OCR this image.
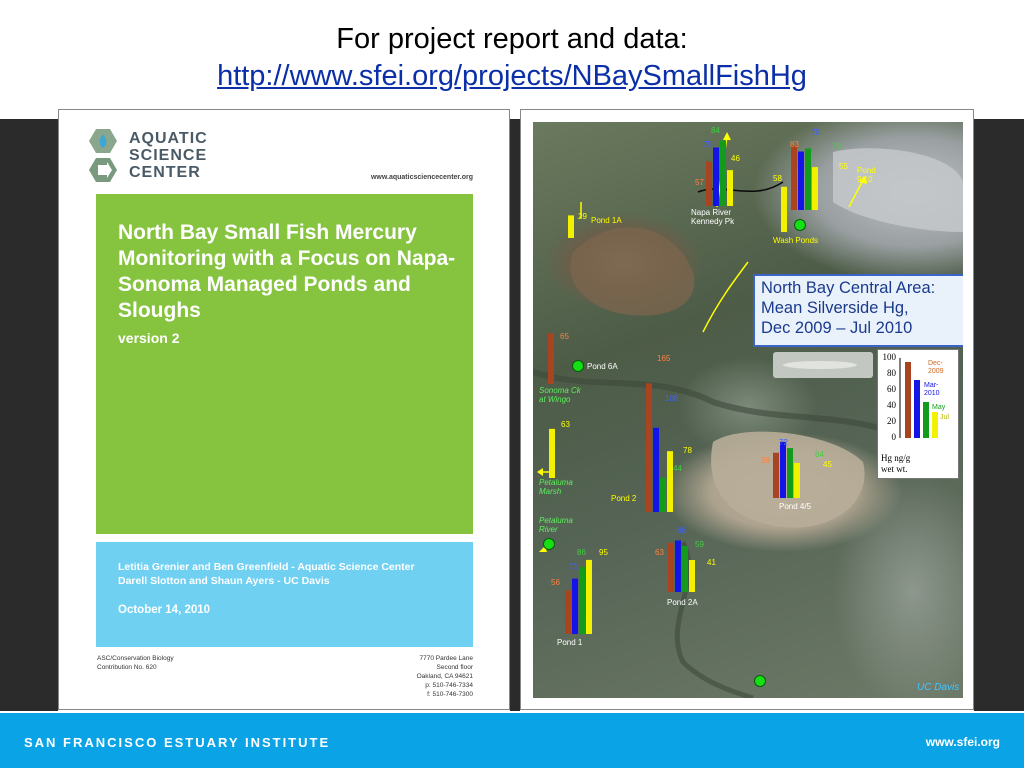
For project report and data:
http://www.sfei.org/projects/NBaySmallFishHg
AQUATIC
SCIENCE
CENTER	www.aquaticsciencecenter.org
North Bay Small Fish Mercury Monitoring with a Focus on Napa-Sonoma Managed Ponds and Sloughs
version 2
Letitia Grenier and Ben Greenfield - Aquatic Science Center
Darell Slotton and Shaun Ayers - UC Davis
October 14, 2010
ASC/Conservation Biology
Contribution No. 620
7770 Pardee Lane
Second floor
Oakland, CA 94621
p: 510-746-7334
f: 510-746-7300
57
75
84
46
83
75
79
55
58
29
65
165
108
44
78
63
58
72
64
45
56
71
86 95	63
66
59
41
Napa River
Kennedy Pk
Pond
9/10
Wash Ponds
Pond 1A
Pond 6A
Pond 2
Pond 4/5
Pond 1
Pond 2A
Sonoma Ck
at Wingo
Petaluma
Marsh
Petaluma
River
North Bay Central Area:
Mean Silverside Hg,
Dec 2009 – Jul 2010
100
80
60
40
20
0
Dec-
2009
Mar-
2010
May
Jul
Hg ng/g
wet wt.
UC Davis
SAN FRANCISCO ESTUARY INSTITUTE	www.sfei.org
